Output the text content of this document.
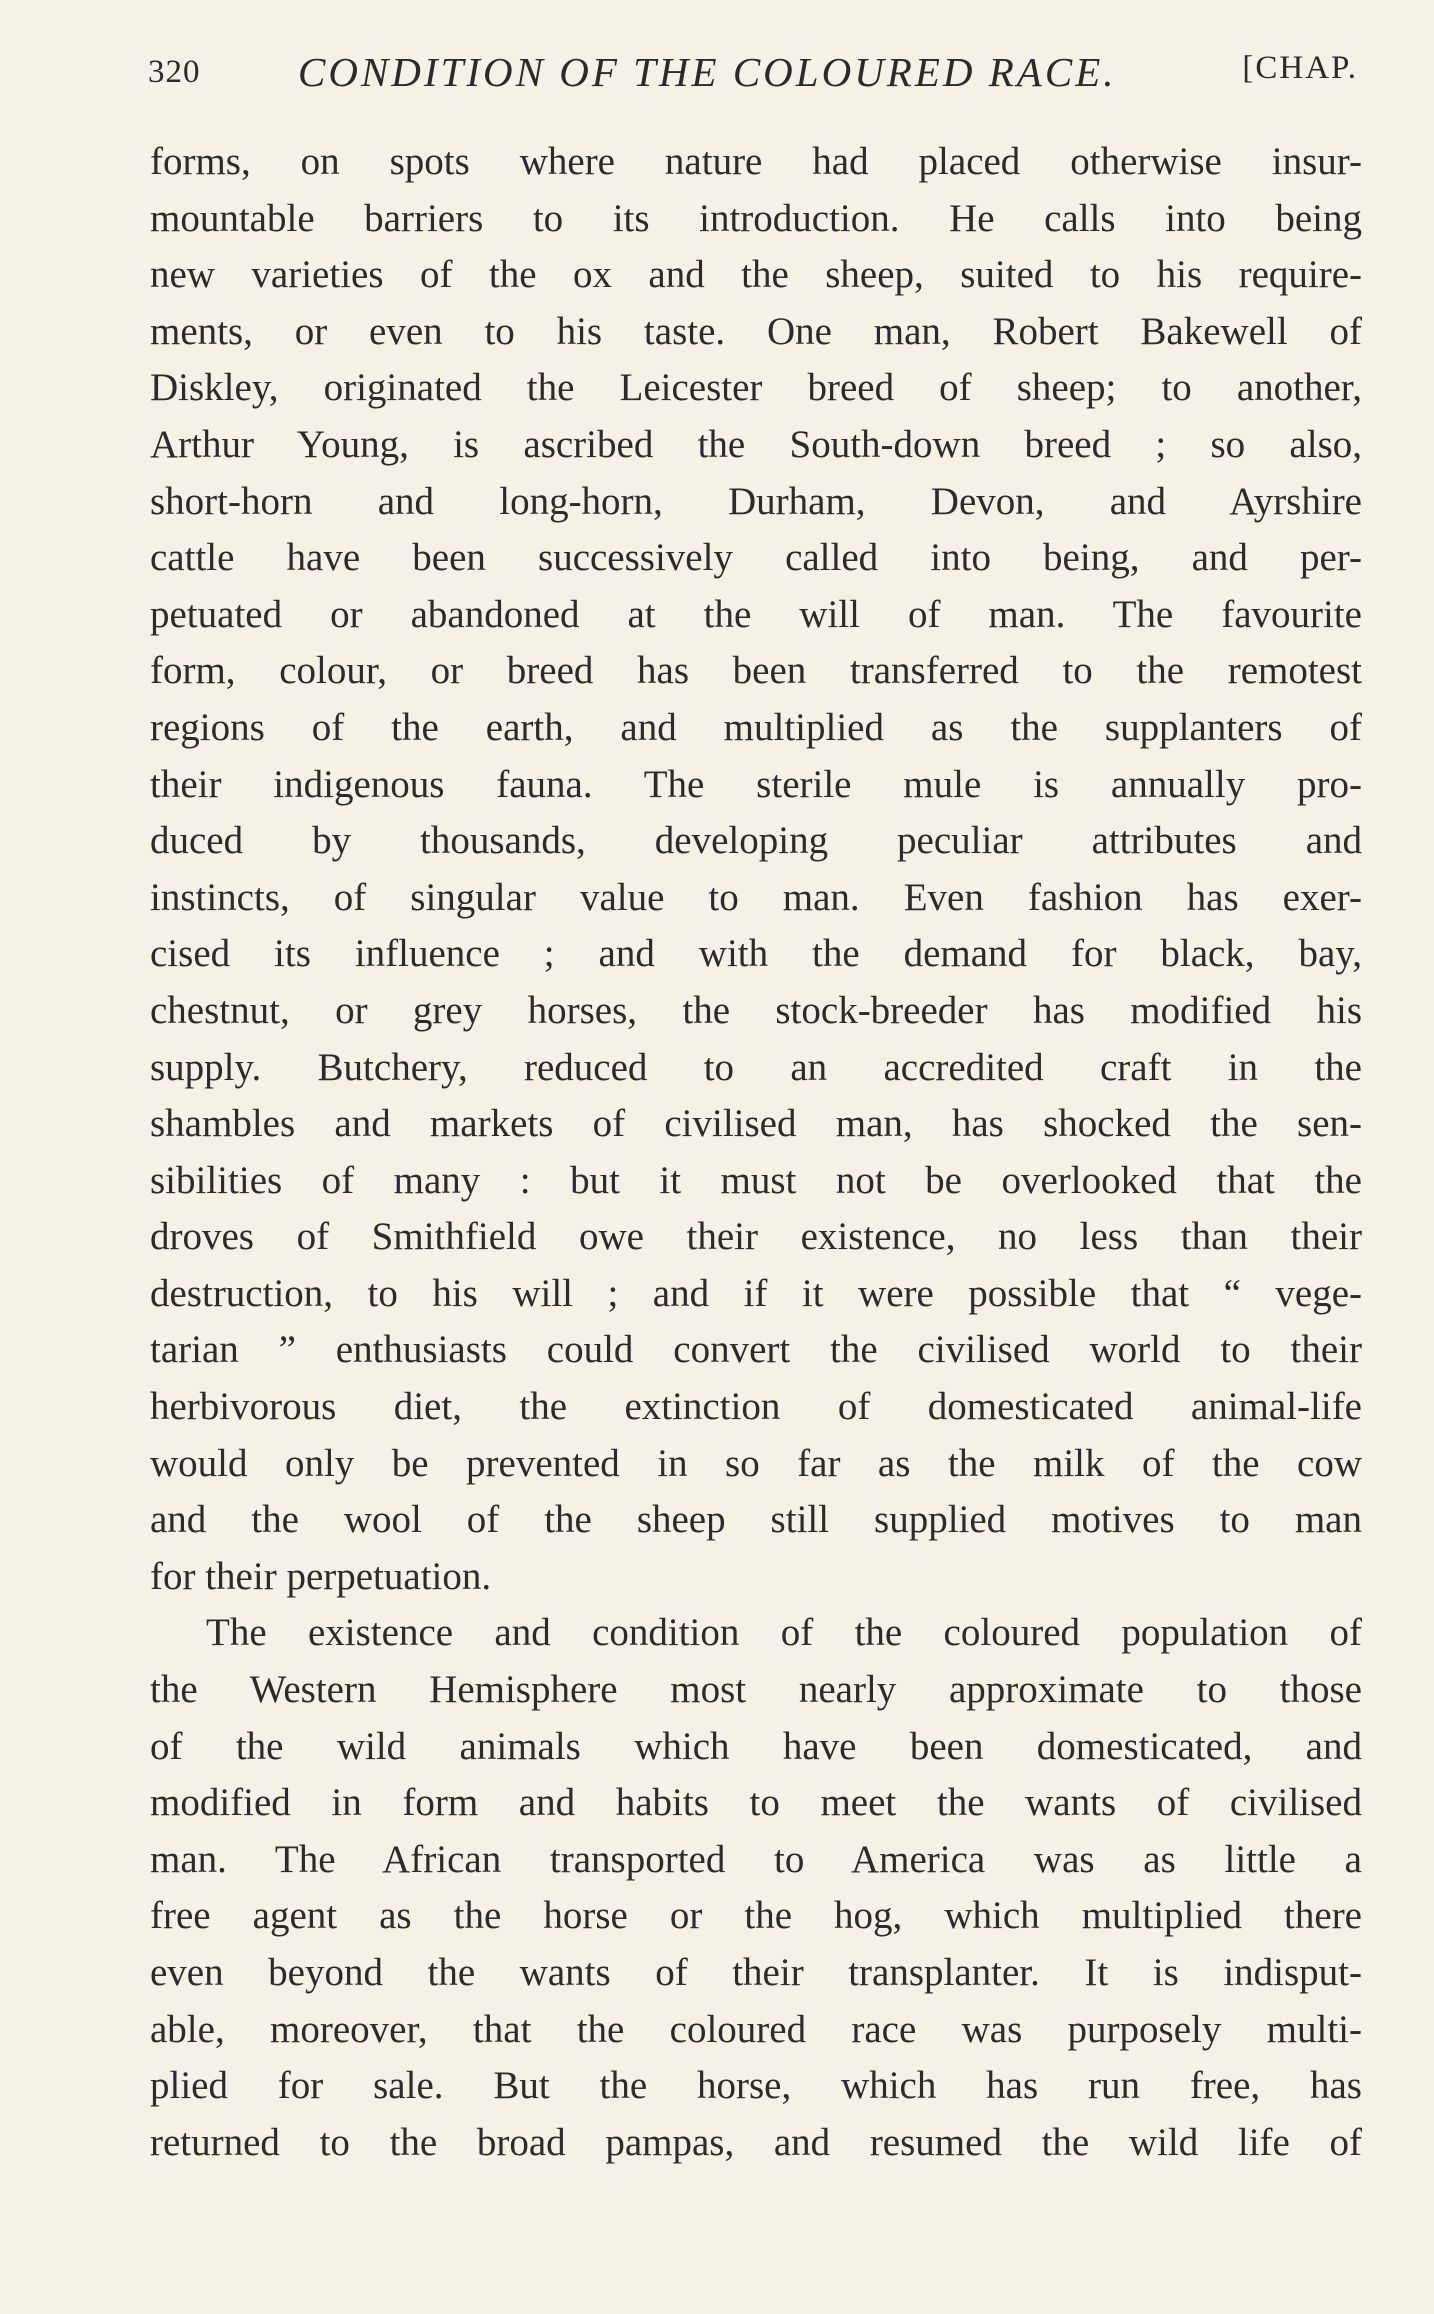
320 CONDITION OF THE COLOURED RACE.	[CHAP.
forms, on spots where nature had placed otherwise insur-
mountable barriers to its introduction. He calls into being
new varieties of the ox and the sheep, suited to his require-
ments, or even to his taste. One man, Robert Bakewell of
Diskley, originated the Leicester breed of sheep; to another,
Arthur Young, is ascribed the South-down breed ; so also,
short-horn and long-horn, Durham, Devon, and Ayrshire
cattle have been successively called into being, and per-
petuated or abandoned at the will of man. The favourite
form, colour, or breed has been transferred to the remotest
regions of the earth, and multiplied as the supplanters of
their indigenous fauna. The sterile mule is annually pro-
duced by thousands, developing peculiar attributes and
instincts, of singular value to man. Even fashion has exer-
cised its influence ; and with the demand for black, bay,
chestnut, or grey horses, the stock-breeder has modified his
supply. Butchery, reduced to an accredited craft in the
shambles and markets of civilised man, has shocked the sen-
sibilities of many : but it must not be overlooked that the
droves of Smithfield owe their existence, no less than their
destruction, to his will ; and if it were possible that “ vege-
tarian ” enthusiasts could convert the civilised world to their
herbivorous diet, the extinction of domesticated animal-life
would only be prevented in so far as the milk of the cow
and the wool of the sheep still supplied motives to man
for their perpetuation.
The existence and condition of the coloured population of
the Western Hemisphere most nearly approximate to those
of the wild animals which have been domesticated, and
modified in form and habits to meet the wants of civilised
man. The African transported to America was as little a
free agent as the horse or the hog, which multiplied there
even beyond the wants of their transplanter. It is indisput-
able, moreover, that the coloured race was purposely multi-
plied for sale. But the horse, which has run free, has
returned to the broad pampas, and resumed the wild life of
